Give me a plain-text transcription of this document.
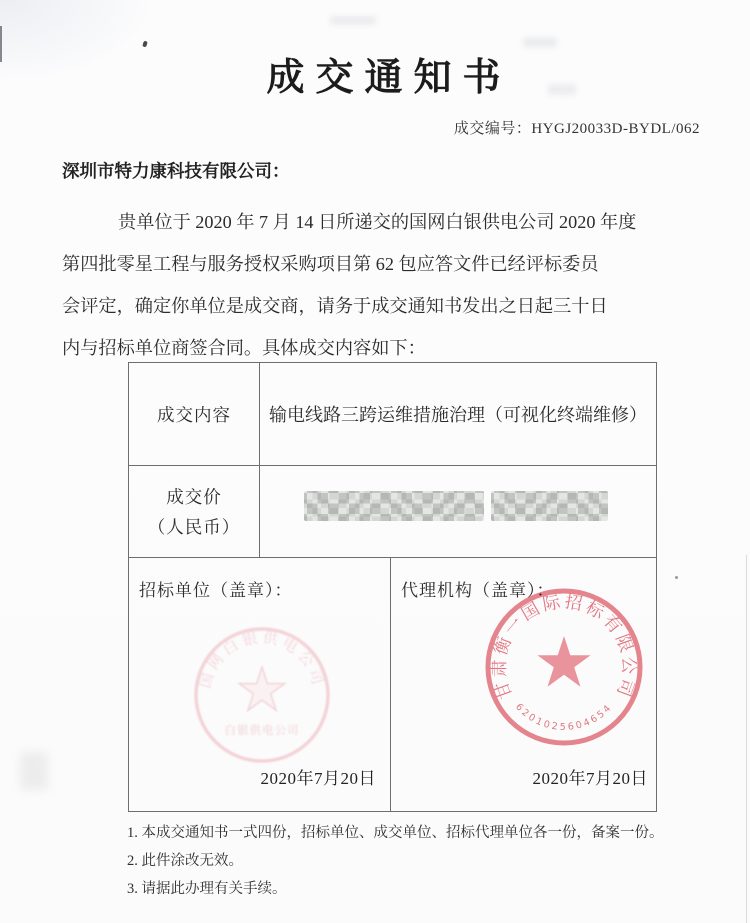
成交通知书
成交编号：HYGJ20033D-BYDL/062
深圳市特力康科技有限公司：
贵单位于 2020 年 7 月 14 日所递交的国网白银供电公司 2020 年度
第四批零星工程与服务授权采购项目第 62 包应答文件已经评标委员
会评定，确定你单位是成交商，请务于成交通知书发出之日起三十日
内与招标单位商签合同。具体成交内容如下：
成交内容 输电线路三跨运维措施治理（可视化终端维修）
成交价
（人民币）
招标单位（盖章）：
国网白银供电公司
白银供电公司
2020年7月20日
代理机构（盖章）：
甘肃衡一国际招标有限公司
6201025604654
2020年7月20日
1. 本成交通知书一式四份，招标单位、成交单位、招标代理单位各一份，备案一份。
2. 此件涂改无效。
3. 请据此办理有关手续。
